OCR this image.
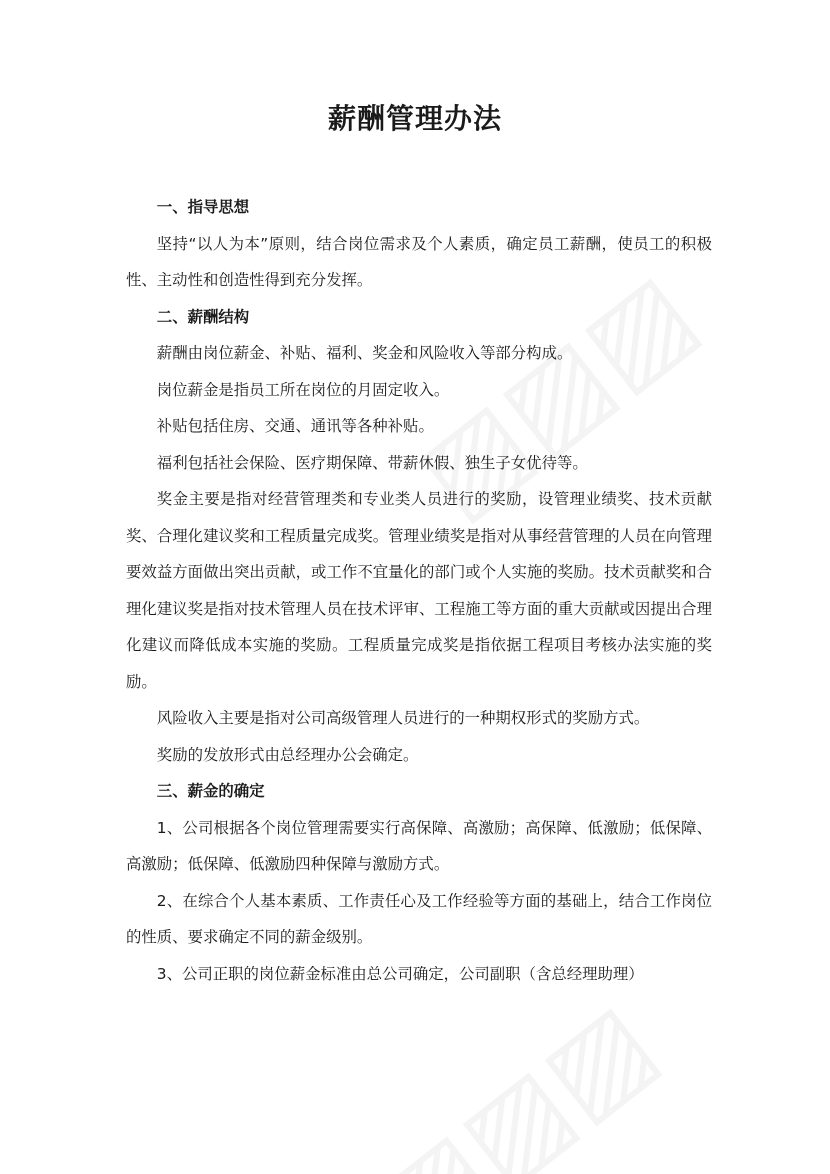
薪酬管理办法
一、指导思想

坚持“以人为本”原则，结合岗位需求及个人素质，确定员工薪酬，使员工的积极性、主动性和创造性得到充分发挥。

二、薪酬结构

薪酬由岗位薪金、补贴、福利、奖金和风险收入等部分构成。

岗位薪金是指员工所在岗位的月固定收入。

补贴包括住房、交通、通讯等各种补贴。

福利包括社会保险、医疗期保障、带薪休假、独生子女优待等。

奖金主要是指对经营管理类和专业类人员进行的奖励，设管理业绩奖、技术贡献奖、合理化建议奖和工程质量完成奖。管理业绩奖是指对从事经营管理的人员在向管理要效益方面做出突出贡献，或工作不宜量化的部门或个人实施的奖励。技术贡献奖和合理化建议奖是指对技术管理人员在技术评审、工程施工等方面的重大贡献或因提出合理化建议而降低成本实施的奖励。工程质量完成奖是指依据工程项目考核办法实施的奖励。

风险收入主要是指对公司高级管理人员进行的一种期权形式的奖励方式。

奖励的发放形式由总经理办公会确定。

三、薪金的确定

1、公司根据各个岗位管理需要实行高保障、高激励；高保障、低激励；低保障、高激励；低保障、低激励四种保障与激励方式。

2、在综合个人基本素质、工作责任心及工作经验等方面的基础上，结合工作岗位的性质、要求确定不同的薪金级别。

3、公司正职的岗位薪金标准由总公司确定，公司副职（含总经理助理）
